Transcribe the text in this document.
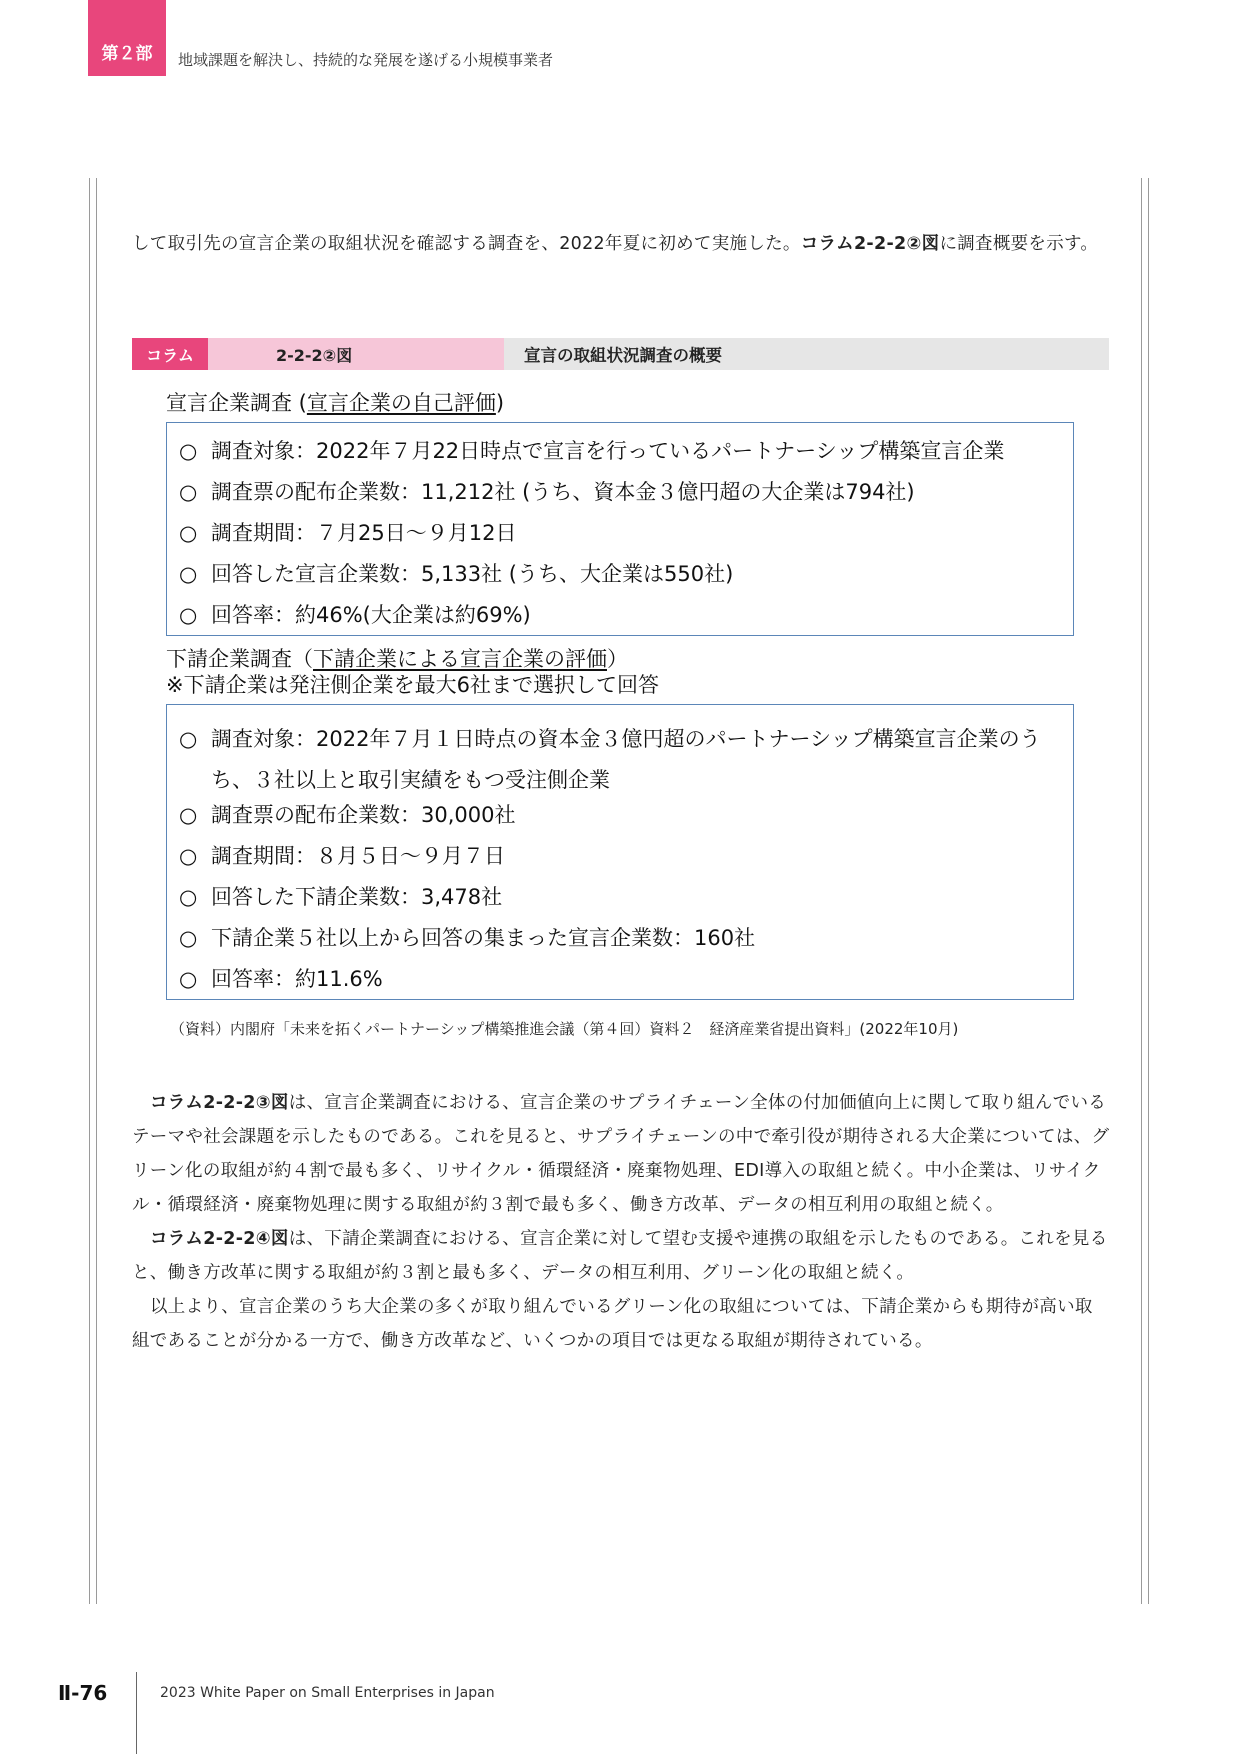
第２部 地域課題を解決し、持続的な発展を遂げる小規模事業者
して取引先の宣言企業の取組状況を確認する調査を、2022年夏に初めて実施した。コラム2-2-2②図に調査概要を示す。
コラム	2-2-2②図	宣言の取組状況調査の概要
宣言企業調査 (宣言企業の自己評価)
○ 調査対象：2022年７月22日時点で宣言を行っているパートナーシップ構築宣言企業
○ 調査票の配布企業数：11,212社 (うち、資本金３億円超の大企業は794社)
○ 調査期間：７月25日～９月12日
○ 回答した宣言企業数：5,133社 (うち、大企業は550社)
○ 回答率：約46%(大企業は約69%)
下請企業調査（下請企業による宣言企業の評価）
※下請企業は発注側企業を最大6社まで選択して回答
○ 調査対象：2022年７月１日時点の資本金３億円超のパートナーシップ構築宣言企業のうち、３社以上と取引実績をもつ受注側企業
○ 調査票の配布企業数：30,000社
○ 調査期間：８月５日～９月７日
○ 回答した下請企業数：3,478社
○ 下請企業５社以上から回答の集まった宣言企業数：160社
○ 回答率：約11.6%
（資料）内閣府「未来を拓くパートナーシップ構築推進会議（第４回）資料２　経済産業省提出資料」(2022年10月)

コラム2-2-2③図は、宣言企業調査における、宣言企業のサプライチェーン全体の付加価値向上に関して取り組んでいるテーマや社会課題を示したものである。これを見ると、サプライチェーンの中で牽引役が期待される大企業については、グリーン化の取組が約４割で最も多く、リサイクル・循環経済・廃棄物処理、EDI導入の取組と続く。中小企業は、リサイクル・循環経済・廃棄物処理に関する取組が約３割で最も多く、働き方改革、データの相互利用の取組と続く。

コラム2-2-2④図は、下請企業調査における、宣言企業に対して望む支援や連携の取組を示したものである。これを見ると、働き方改革に関する取組が約３割と最も多く、データの相互利用、グリーン化の取組と続く。

以上より、宣言企業のうち大企業の多くが取り組んでいるグリーン化の取組については、下請企業からも期待が高い取組であることが分かる一方で、働き方改革など、いくつかの項目では更なる取組が期待されている。

Ⅱ-76	2023 White Paper on Small Enterprises in Japan
